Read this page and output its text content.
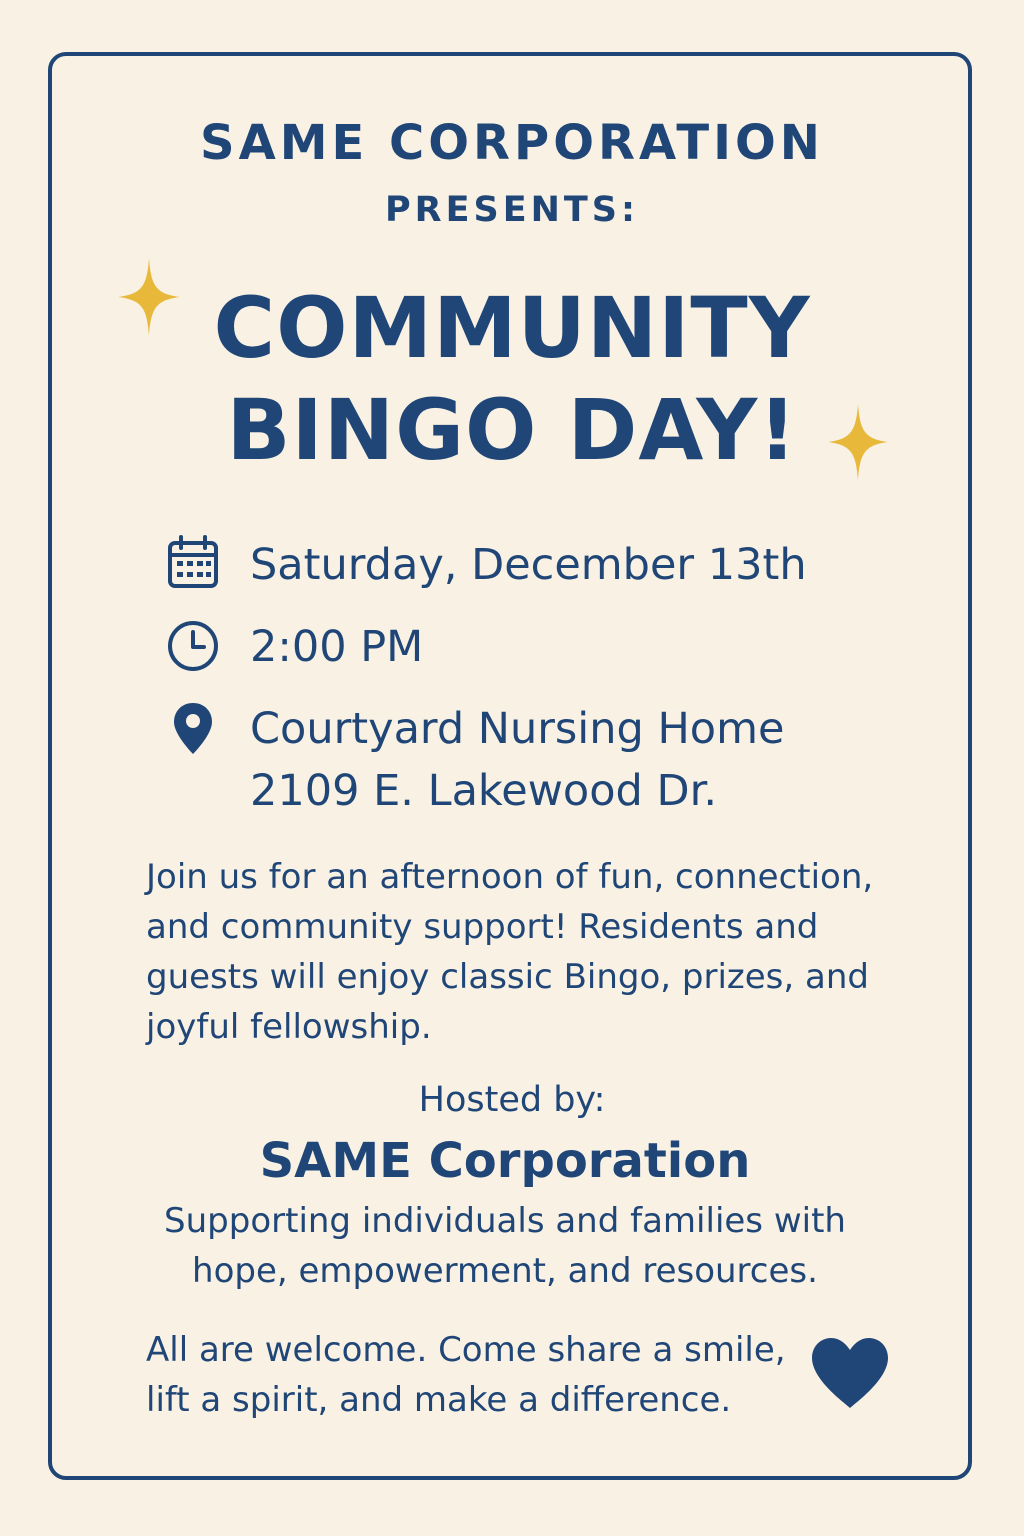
SAME CORPORATION
PRESENTS:
COMMUNITY
BINGO DAY!
Saturday, December 13th
2:00 PM
Courtyard Nursing Home
2109 E. Lakewood Dr.
Join us for an afternoon of fun, connection, and community support! Residents and guests will enjoy classic Bingo, prizes, and joyful fellowship.
Hosted by:
SAME Corporation
Supporting individuals and families with
hope, empowerment, and resources.
All are welcome. Come share a smile,
lift a spirit, and make a difference.
